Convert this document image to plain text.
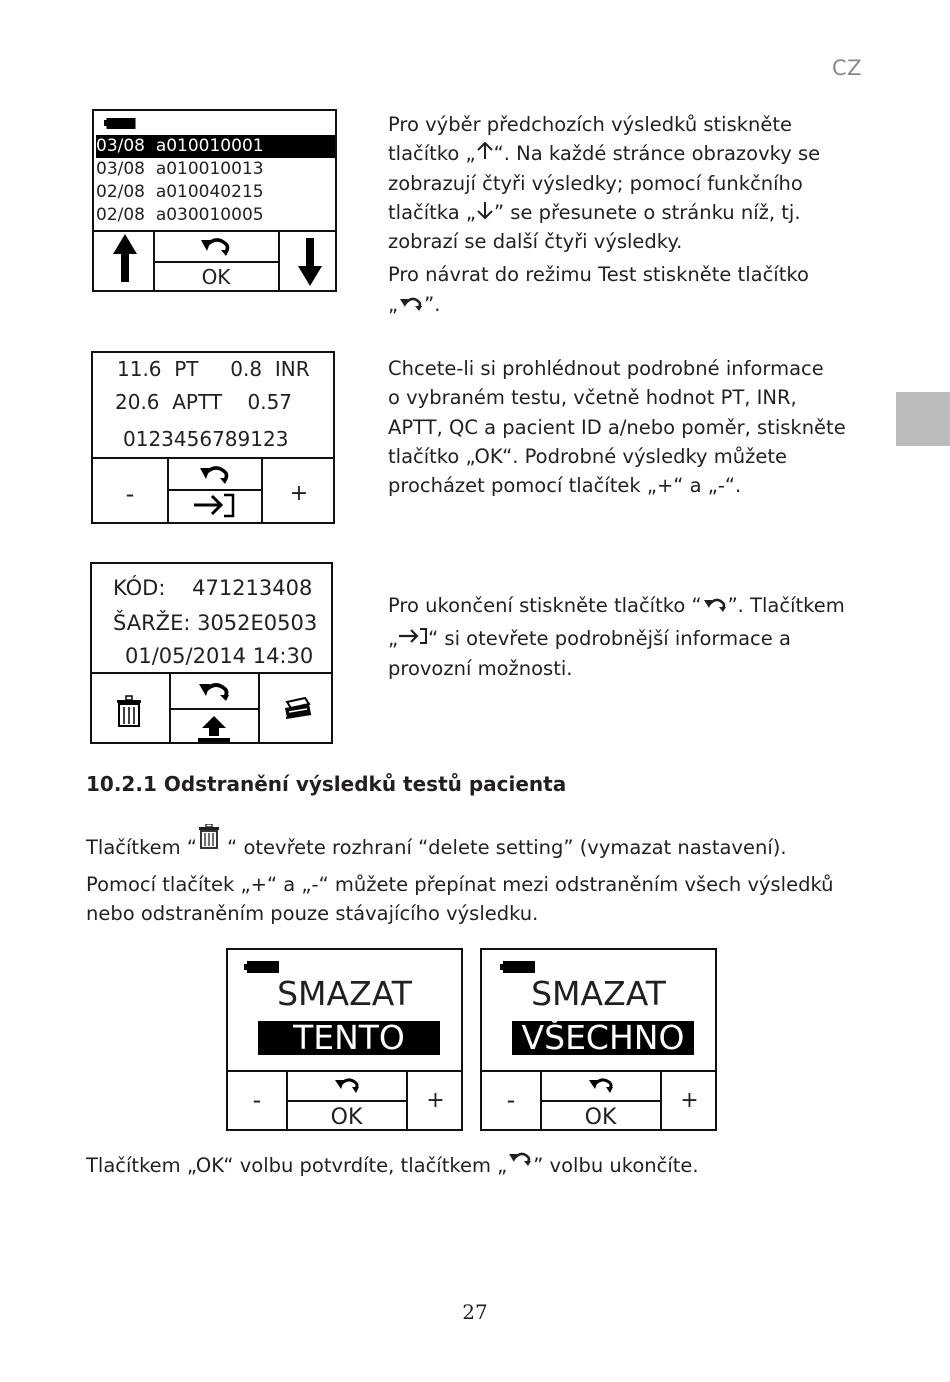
CZ
03/08 a010010001
03/08 a010010013
02/08 a010040215
02/08 a030010005
OK

Pro výběr předchozích výsledků stiskněte

tlačítko „ “. Na každé stránce obrazovky se

zobrazují čtyři výsledky; pomocí funkčního

tlačítka „ ” se přesunete o stránku níž, tj.

zobrazí se další čtyři výsledky.

Pro návrat do režimu Test stiskněte tlačítko

„ ”.

11.6  PT     0.8  INR
20.6  APTT    0.57
0123456789123
-	+

Chcete-li si prohlédnout podrobné informace

o vybraném testu, včetně hodnot PT, INR,

APTT, QC a pacient ID a/nebo poměr, stiskněte

tlačítko „OK“. Podrobné výsledky můžete

procházet pomocí tlačítek „+“ a „-“.

KÓD:    471213408
ŠARŽE: 3052E0503
01/05/2014 14:30

Pro ukončení stiskněte tlačítko “ ”. Tlačítkem

„ “ si otevřete podrobnější informace a

provozní možnosti.

10.2.1 Odstranění výsledků testů pacienta

Tlačítkem “ “ otevřete rozhraní “delete setting” (vymazat nastavení).

Pomocí tlačítek „+“ a „-“ můžete přepínat mezi odstraněním všech výsledků

nebo odstraněním pouze stávajícího výsledku.

SMAZAT
TENTO
-
OK
+
SMAZAT
VŠECHNO
-
OK
+

Tlačítkem „OK“ volbu potvrdíte, tlačítkem „ ” volbu ukončíte.

27
